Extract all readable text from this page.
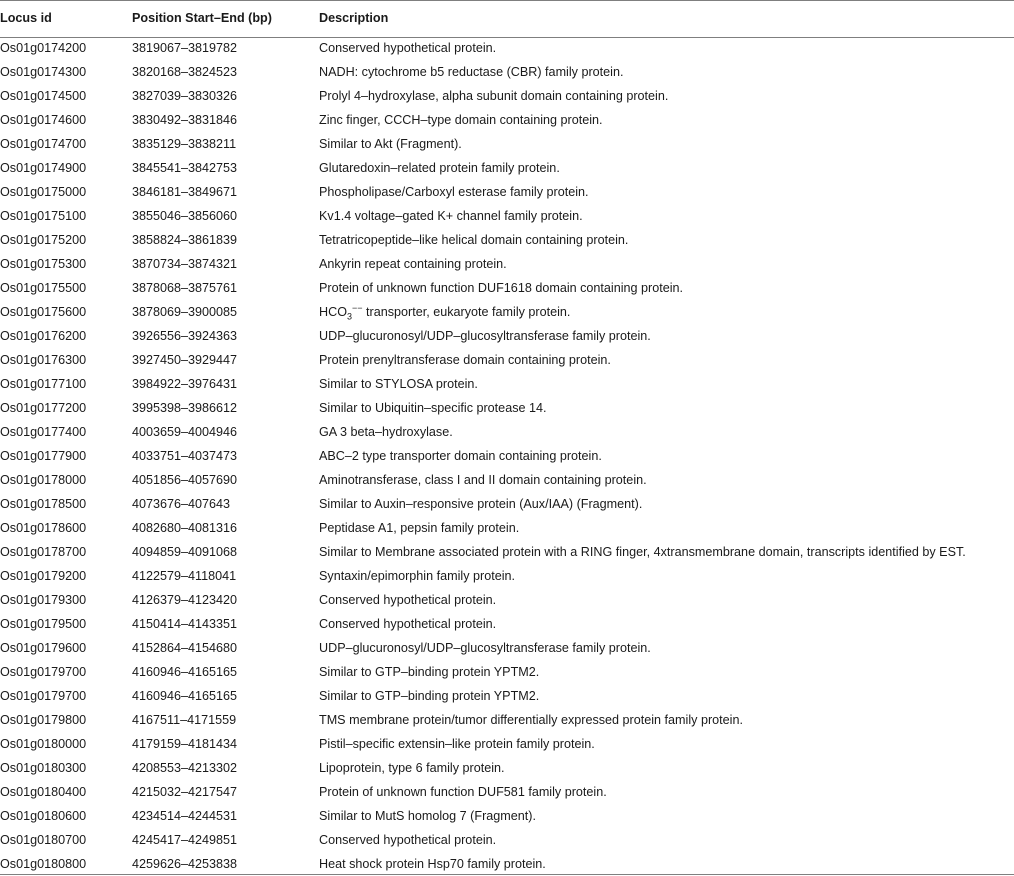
Locus id	Position Start–End (bp)	Description
Os01g0174200	3819067–3819782	Conserved hypothetical protein.
Os01g0174300	3820168–3824523	NADH: cytochrome b5 reductase (CBR) family protein.
Os01g0174500	3827039–3830326	Prolyl 4–hydroxylase, alpha subunit domain containing protein.
Os01g0174600	3830492–3831846	Zinc finger, CCCH–type domain containing protein.
Os01g0174700	3835129–3838211	Similar to Akt (Fragment).
Os01g0174900	3845541–3842753	Glutaredoxin–related protein family protein.
Os01g0175000	3846181–3849671	Phospholipase/Carboxyl esterase family protein.
Os01g0175100	3855046–3856060	Kv1.4 voltage–gated K+ channel family protein.
Os01g0175200	3858824–3861839	Tetratricopeptide–like helical domain containing protein.
Os01g0175300	3870734–3874321	Ankyrin repeat containing protein.
Os01g0175500	3878068–3875761	Protein of unknown function DUF1618 domain containing protein.
Os01g0175600	3878069–3900085	$HCO_3^{--}$ transporter, eukaryote family protein.
Os01g0176200	3926556–3924363	UDP–glucuronosyl/UDP–glucosyltransferase family protein.
Os01g0176300	3927450–3929447	Protein prenyltransferase domain containing protein.
Os01g0177100	3984922–3976431	Similar to STYLOSA protein.
Os01g0177200	3995398–3986612	Similar to Ubiquitin–specific protease 14.
Os01g0177400	4003659–4004946	GA 3 beta–hydroxylase.
Os01g0177900	4033751–4037473	ABC–2 type transporter domain containing protein.
Os01g0178000	4051856–4057690	Aminotransferase, class I and II domain containing protein.
Os01g0178500	4073676–407643	Similar to Auxin–responsive protein (Aux/IAA) (Fragment).
Os01g0178600	4082680–4081316	Peptidase A1, pepsin family protein.
Os01g0178700	4094859–4091068	Similar to Membrane associated protein with a RING finger, 4xtransmembrane domain, transcripts identified by EST.
Os01g0179200	4122579–4118041	Syntaxin/epimorphin family protein.
Os01g0179300	4126379–4123420	Conserved hypothetical protein.
Os01g0179500	4150414–4143351	Conserved hypothetical protein.
Os01g0179600	4152864–4154680	UDP–glucuronosyl/UDP–glucosyltransferase family protein.
Os01g0179700	4160946–4165165	Similar to GTP–binding protein YPTM2.
Os01g0179700	4160946–4165165	Similar to GTP–binding protein YPTM2.
Os01g0179800	4167511–4171559	TMS membrane protein/tumor differentially expressed protein family protein.
Os01g0180000	4179159–4181434	Pistil–specific extensin–like protein family protein.
Os01g0180300	4208553–4213302	Lipoprotein, type 6 family protein.
Os01g0180400	4215032–4217547	Protein of unknown function DUF581 family protein.
Os01g0180600	4234514–4244531	Similar to MutS homolog 7 (Fragment).
Os01g0180700	4245417–4249851	Conserved hypothetical protein.
Os01g0180800	4259626–4253838	Heat shock protein Hsp70 family protein.
